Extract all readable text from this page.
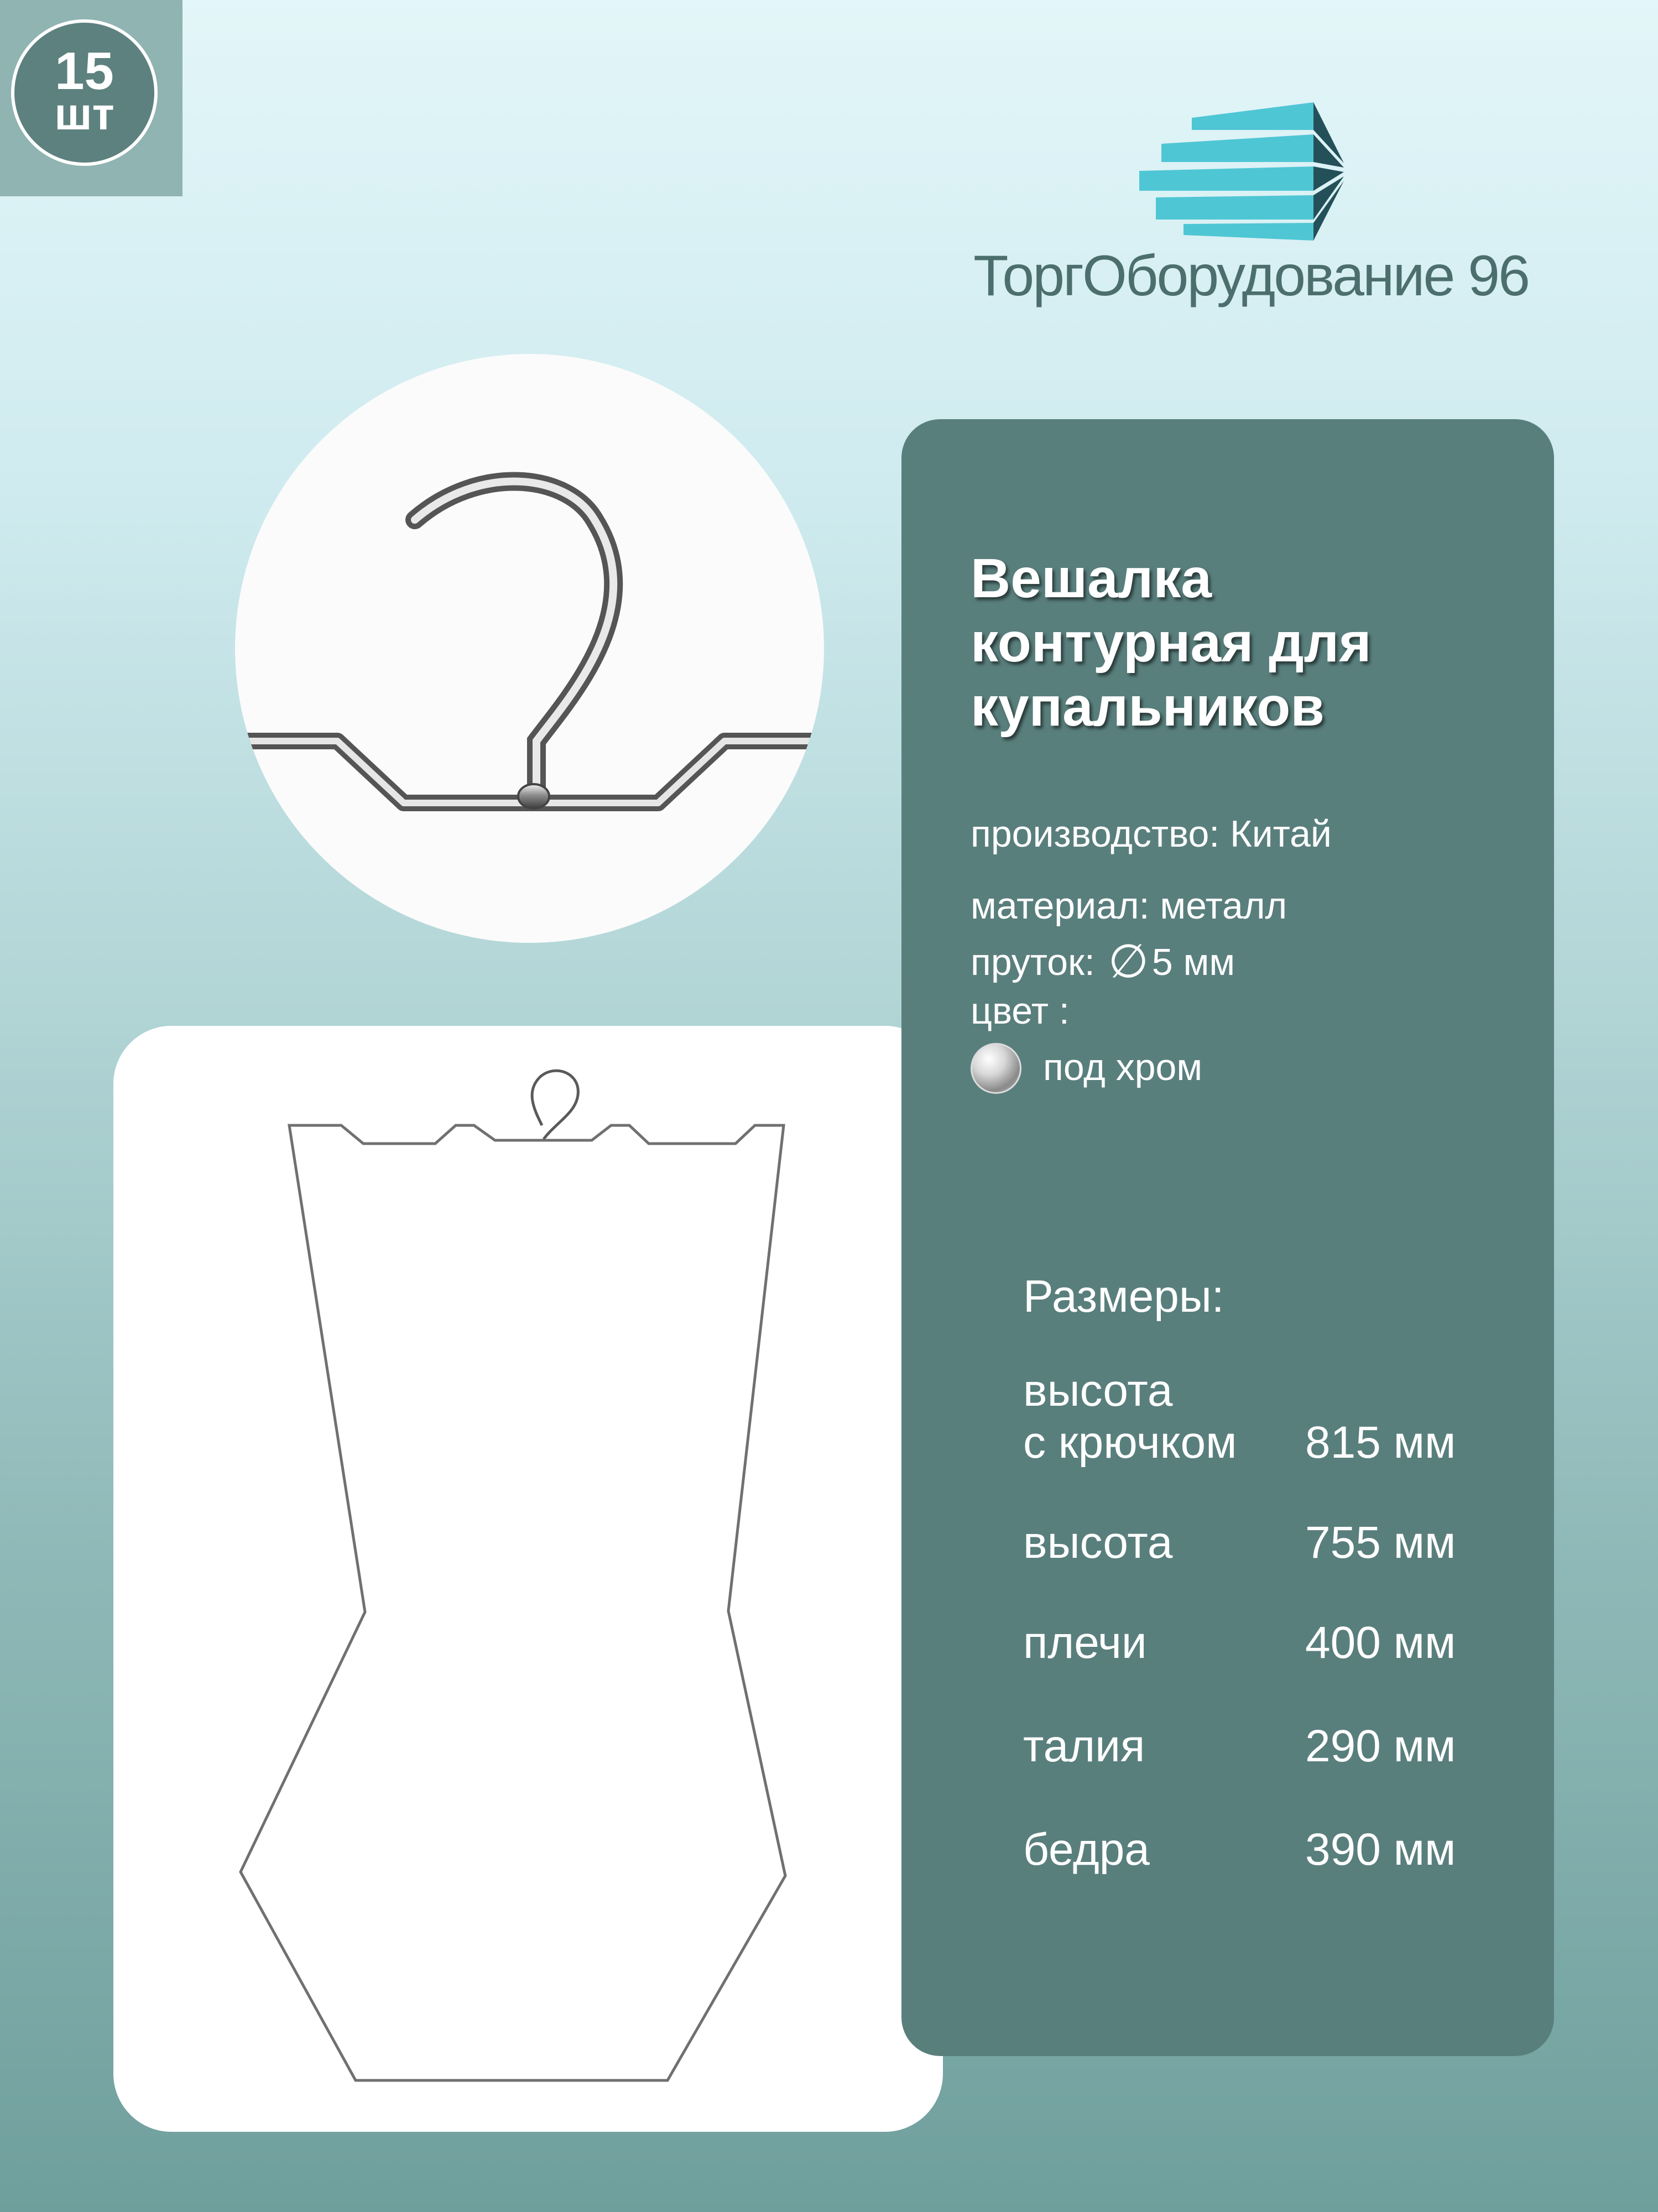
15
шт
ТоргОборудование 96
Вешалка
контурная для
купальников
производство: Китай
материал: металл
пруток: ∅5 мм
цвет :
под хром
Размеры:
высота
с крючком 815 мм
высота	755 мм
плечи	400 мм
талия	290 мм
бедра	390 мм
